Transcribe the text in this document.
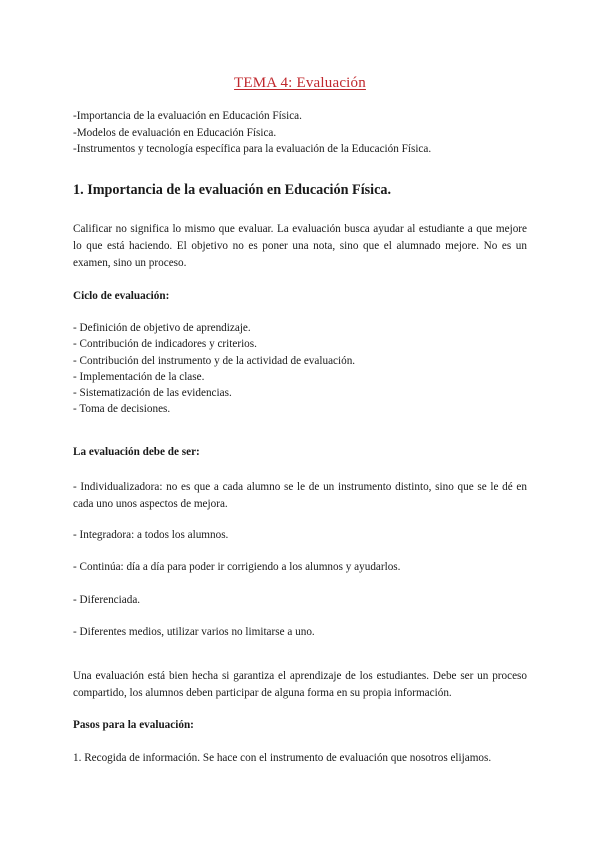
TEMA 4: Evaluación
-Importancia de la evaluación en Educación Física.
-Modelos de evaluación en Educación Física.
-Instrumentos y tecnología específica para la evaluación de la Educación Física.
1. Importancia de la evaluación en Educación Física.
Calificar no significa lo mismo que evaluar. La evaluación busca ayudar al estudiante a que mejore lo que está haciendo. El objetivo no es poner una nota, sino que el alumnado mejore. No es un examen, sino un proceso.
Ciclo de evaluación:
- Definición de objetivo de aprendizaje.
- Contribución de indicadores y criterios.
- Contribución del instrumento y de la actividad de evaluación.
- Implementación de la clase.
- Sistematización de las evidencias.
- Toma de decisiones.
La evaluación debe de ser:
- Individualizadora: no es que a cada alumno se le de un instrumento distinto, sino que se le dé en cada uno unos aspectos de mejora.
- Integradora: a todos los alumnos.
- Continúa: día a día para poder ir corrigiendo a los alumnos y ayudarlos.
- Diferenciada.
- Diferentes medios, utilizar varios no limitarse a uno.
Una evaluación está bien hecha si garantiza el aprendizaje de los estudiantes. Debe ser un proceso compartido, los alumnos deben participar de alguna forma en su propia información.
Pasos para la evaluación:
1. Recogida de información. Se hace con el instrumento de evaluación que nosotros elijamos.
